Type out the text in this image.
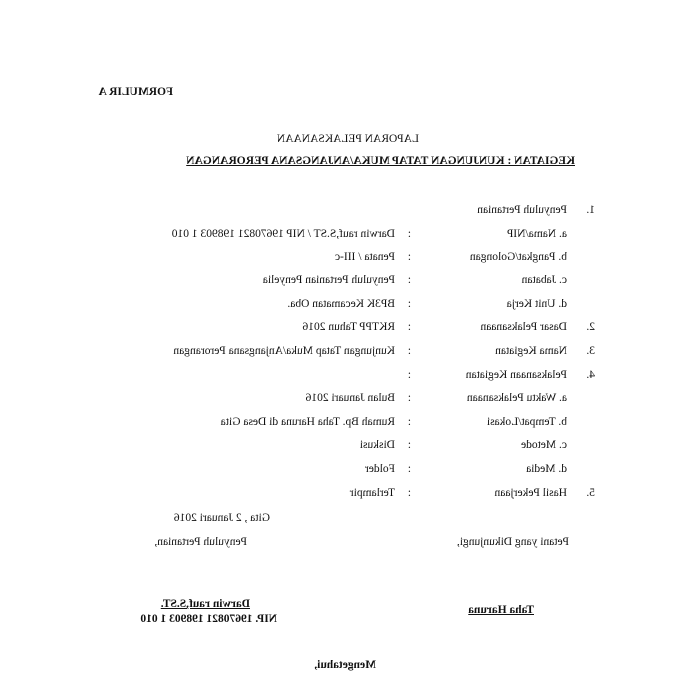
FORMULIR A
LAPORAN PELAKSANAAN
KEGIATAN : KUNJUNGAN TATAP MUKA/ANJANGSANA PERORANGAN
1.
Penyuluh Pertanian
a. Nama/NIP
:
Darwin rauf,S.ST / NIP 19670821 198903 1 010
b. Pangkat/Golongan
:
Penata / III-c
c. Jabatan
:
Penyuluh Pertanian Penyelia
d. Unit Kerja
:
BP3K Kecamatan Oba.
2.
Dasar Pelaksanaan
:
RKTPP Tahun 2016
3.
Nama Kegiatan
:
Kunjungan Tatap Muka/Anjangsana Perorangan
4.
Pelaksanaan Kegiatan
:
a. Waktu Pelaksanaan
:
Bulan Januari 2016
b. Tempat/Lokasi
:
Rumah Bp. Taha Haruna di Desa Gita
c. Metode
:
Diskusi
d. Media
:
Folder
5.
Hasil Pekerjaan
:
Terlampir
Gita , 2 Januari 2016
Petani yang Dikunjungi,
Penyuluh Pertanian,
Taha Haruna
Darwin rauf,S.ST.
NIP. 19670821 198903 1 010
Mengetahui,
